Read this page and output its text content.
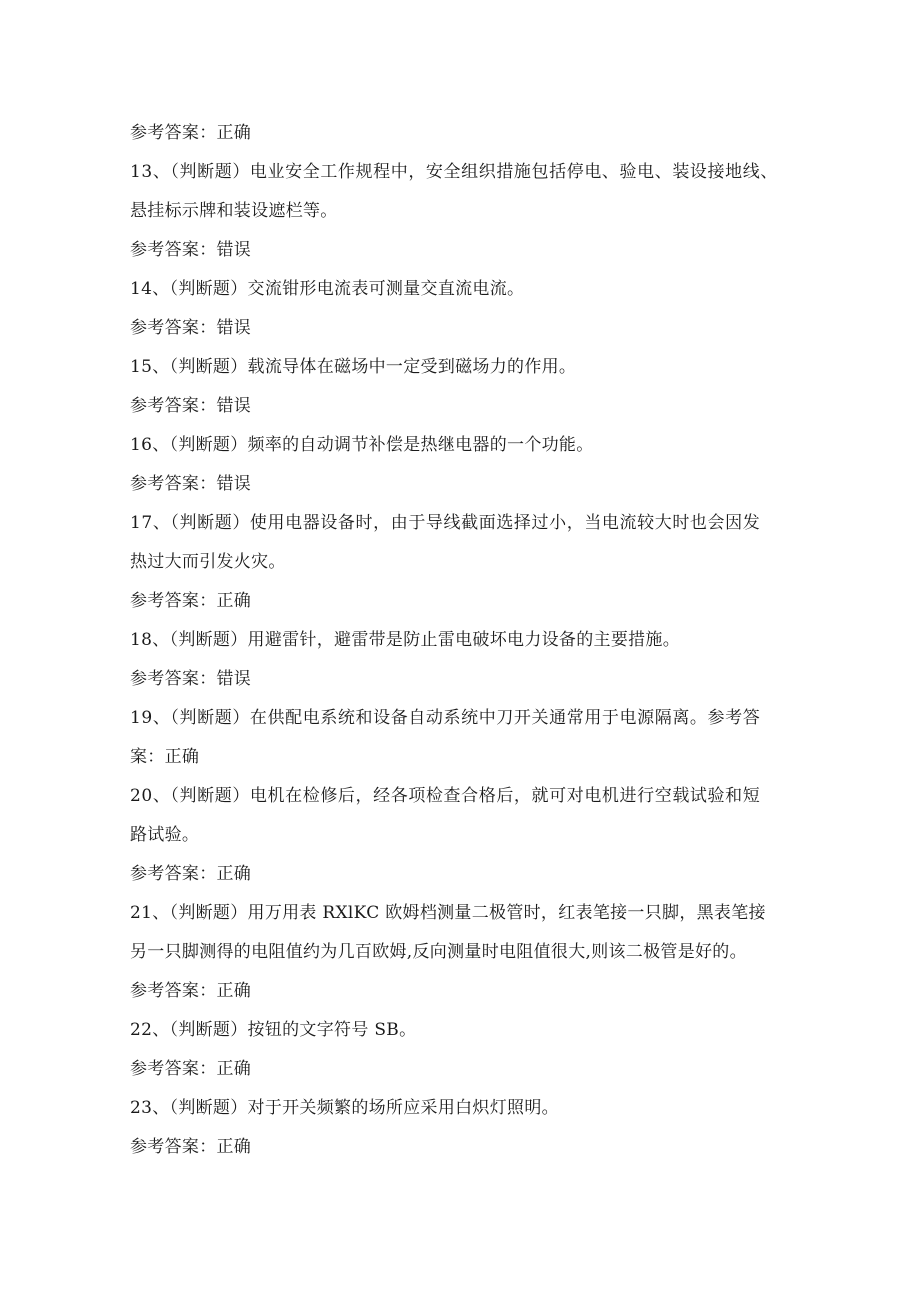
参考答案：正确
13、（判断题）电业安全工作规程中，安全组织措施包括停电、验电、装设接地线、
悬挂标示牌和装设遮栏等。
参考答案：错误
14、（判断题）交流钳形电流表可测量交直流电流。
参考答案：错误
15、（判断题）载流导体在磁场中一定受到磁场力的作用。
参考答案：错误
16、（判断题）频率的自动调节补偿是热继电器的一个功能。
参考答案：错误
17、（判断题）使用电器设备时，由于导线截面选择过小，当电流较大时也会因发
热过大而引发火灾。
参考答案：正确
18、（判断题）用避雷针，避雷带是防止雷电破坏电力设备的主要措施。
参考答案：错误
19、（判断题）在供配电系统和设备自动系统中刀开关通常用于电源隔离。参考答
案：正确
20、（判断题）电机在检修后，经各项检查合格后，就可对电机进行空载试验和短
路试验。
参考答案：正确
21、（判断题）用万用表 RXlKC 欧姆档测量二极管时，红表笔接一只脚，黑表笔接
另一只脚测得的电阻值约为几百欧姆,反向测量时电阻值很大,则该二极管是好的。
参考答案：正确
22、（判断题）按钮的文字符号 SB。
参考答案：正确
23、（判断题）对于开关频繁的场所应采用白炽灯照明。
参考答案：正确
